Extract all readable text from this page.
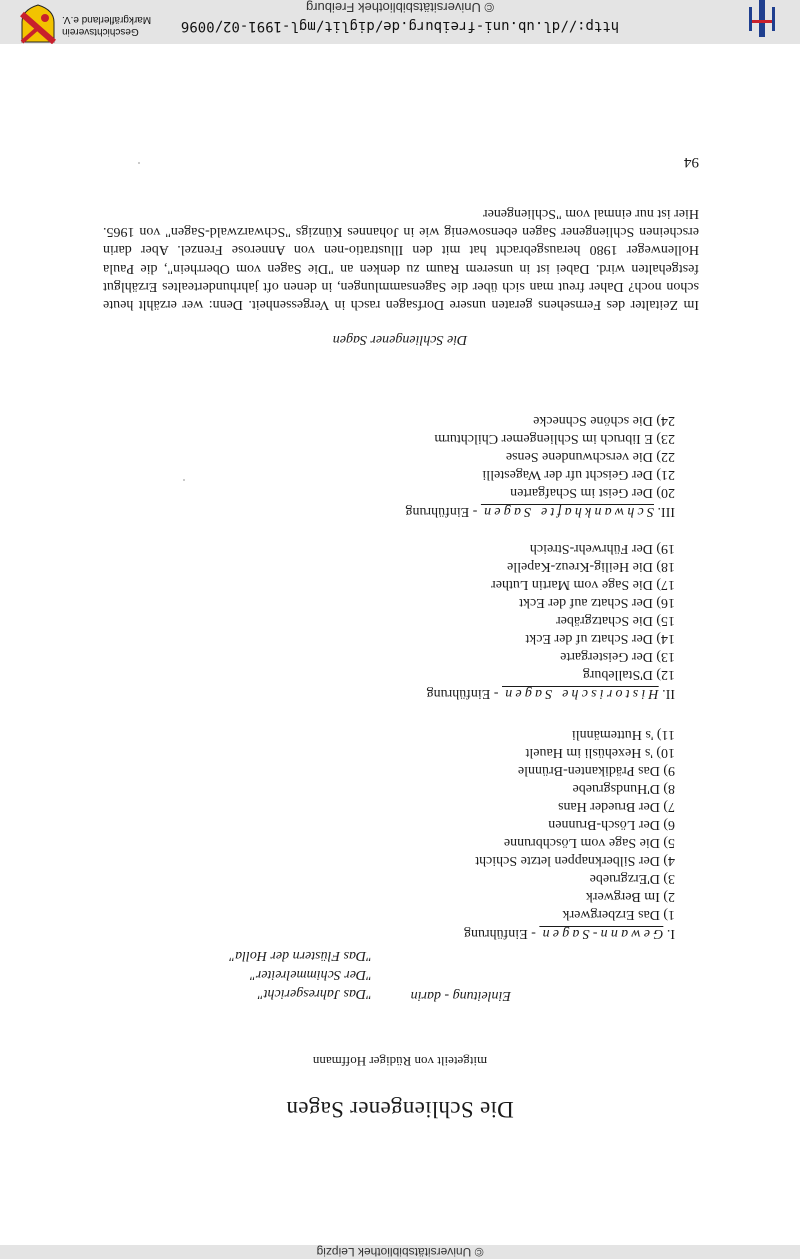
© Universitätsbibliothek Leipzig
Die Schliengener Sagen
mitgeteilt von Rüdiger Hoffmann
Einleitung - darin
"Das Jahresgericht"
"Der Schimmelreiter"
"Das Flüstern der Holla"
I. Gewann-Sagen - Einführung
1) Das Erzbergwerk
2) Im Bergwerk
3) D'Erzgruebe
4) Der Silberknappen letzte Schicht
5) Die Sage vom Löschbrunne
6) Der Lösch-Brunnen
7) Der Brueder Hans
8) D'Hundsgruebe
9) Das Prädikanten-Brünnle
10) 's Hexehüsli im Hauelt
11) 's Huttemännli
II. Historische Sagen - Einführung
12) D'Stalleburg
13) Der Geistergarte
14) Der Schatz uf der Eckt
15) Die Schatzgräber
16) Der Schatz auf der Eckt
17) Die Sage vom Martin Luther
18) Die Heilig-Kreuz-Kapelle
19) Der Führwehr-Streich
III. Schwankhafte Sagen - Einführung
20) Der Geist im Schafgarten
21) Der Geischt ufr der Wagestelli
22) Die verschwundene Sense
23) E Iibruch im Schliengemer Chilchturm
24) Die schöne Schnecke
Die Schliengener Sagen

Im Zeitalter des Fernsehens geraten unsere Dorfsagen rasch in Vergessenheit. Denn: wer erzählt heute schon noch? Daher freut man sich über die Sagensammlungen, in denen oft jahrhundertealtes Erzählgut festgehalten wird. Dabei ist in unserem Raum zu denken an "Die Sagen vom Oberrhein", die Paula Hollenweger 1980 herausgebracht hat mit den Illustratio-nen von Annerose Frenzel. Aber darin erscheinen Schliengener Sagen ebensowenig wie in Johannes Künzigs "Schwarzwald-Sagen" von 1965. Hier ist nur einmal vom "Schliengener

94
http://dl.ub.uni-freiburg.de/diglit/mgl-1991-02/0096
© Universitätsbibliothek Freiburg
Geschichtsverein
Markgräflerland e.V.
